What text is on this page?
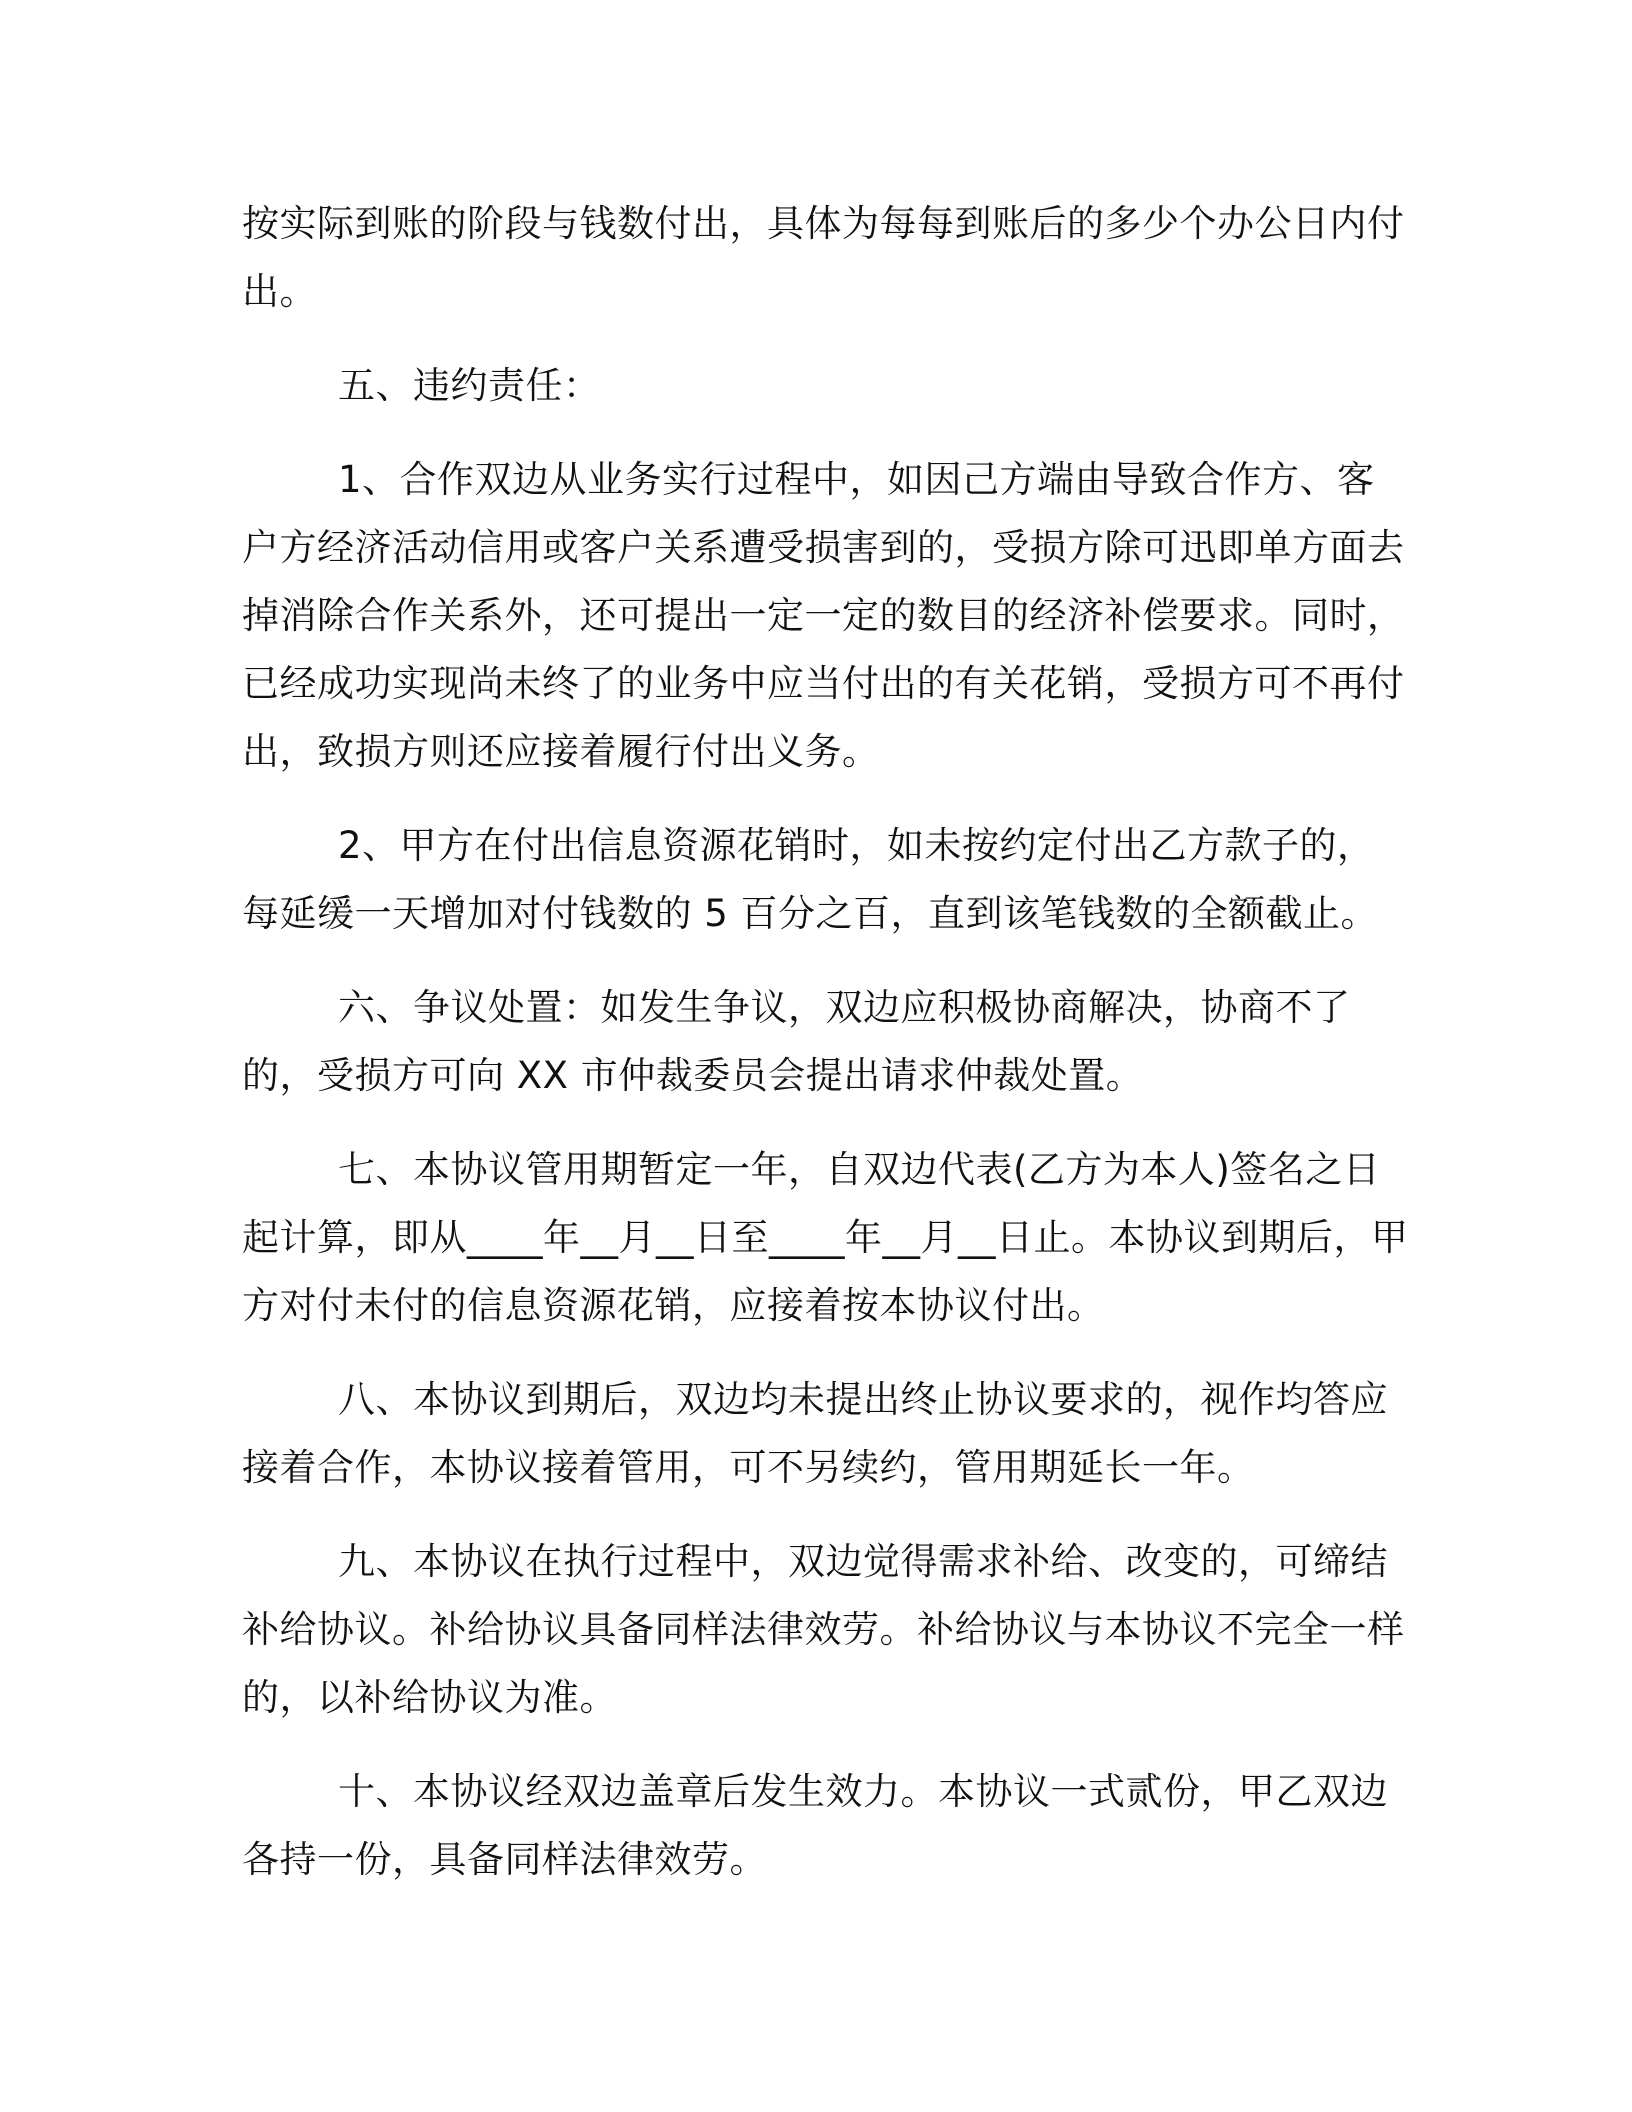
按实际到账的阶段与钱数付出，具体为每每到账后的多少个办公日内付出。

五、违约责任：

1、合作双边从业务实行过程中，如因己方端由导致合作方、客户方经济活动信用或客户关系遭受损害到的，受损方除可迅即单方面去掉消除合作关系外，还可提出一定一定的数目的经济补偿要求。同时，已经成功实现尚未终了的业务中应当付出的有关花销，受损方可不再付出，致损方则还应接着履行付出义务。

2、甲方在付出信息资源花销时，如未按约定付出乙方款子的，每延缓一天增加对付钱数的 5 百分之百，直到该笔钱数的全额截止。

六、争议处置：如发生争议，双边应积极协商解决，协商不了的，受损方可向 XX 市仲裁委员会提出请求仲裁处置。

七、本协议管用期暂定一年，自双边代表(乙方为本人)签名之日起计算，即从____年__月__日至____年__月__日止。本协议到期后，甲方对付未付的信息资源花销，应接着按本协议付出。

八、本协议到期后，双边均未提出终止协议要求的，视作均答应接着合作，本协议接着管用，可不另续约，管用期延长一年。

九、本协议在执行过程中，双边觉得需求补给、改变的，可缔结补给协议。补给协议具备同样法律效劳。补给协议与本协议不完全一样的，以补给协议为准。

十、本协议经双边盖章后发生效力。本协议一式贰份，甲乙双边各持一份，具备同样法律效劳。
